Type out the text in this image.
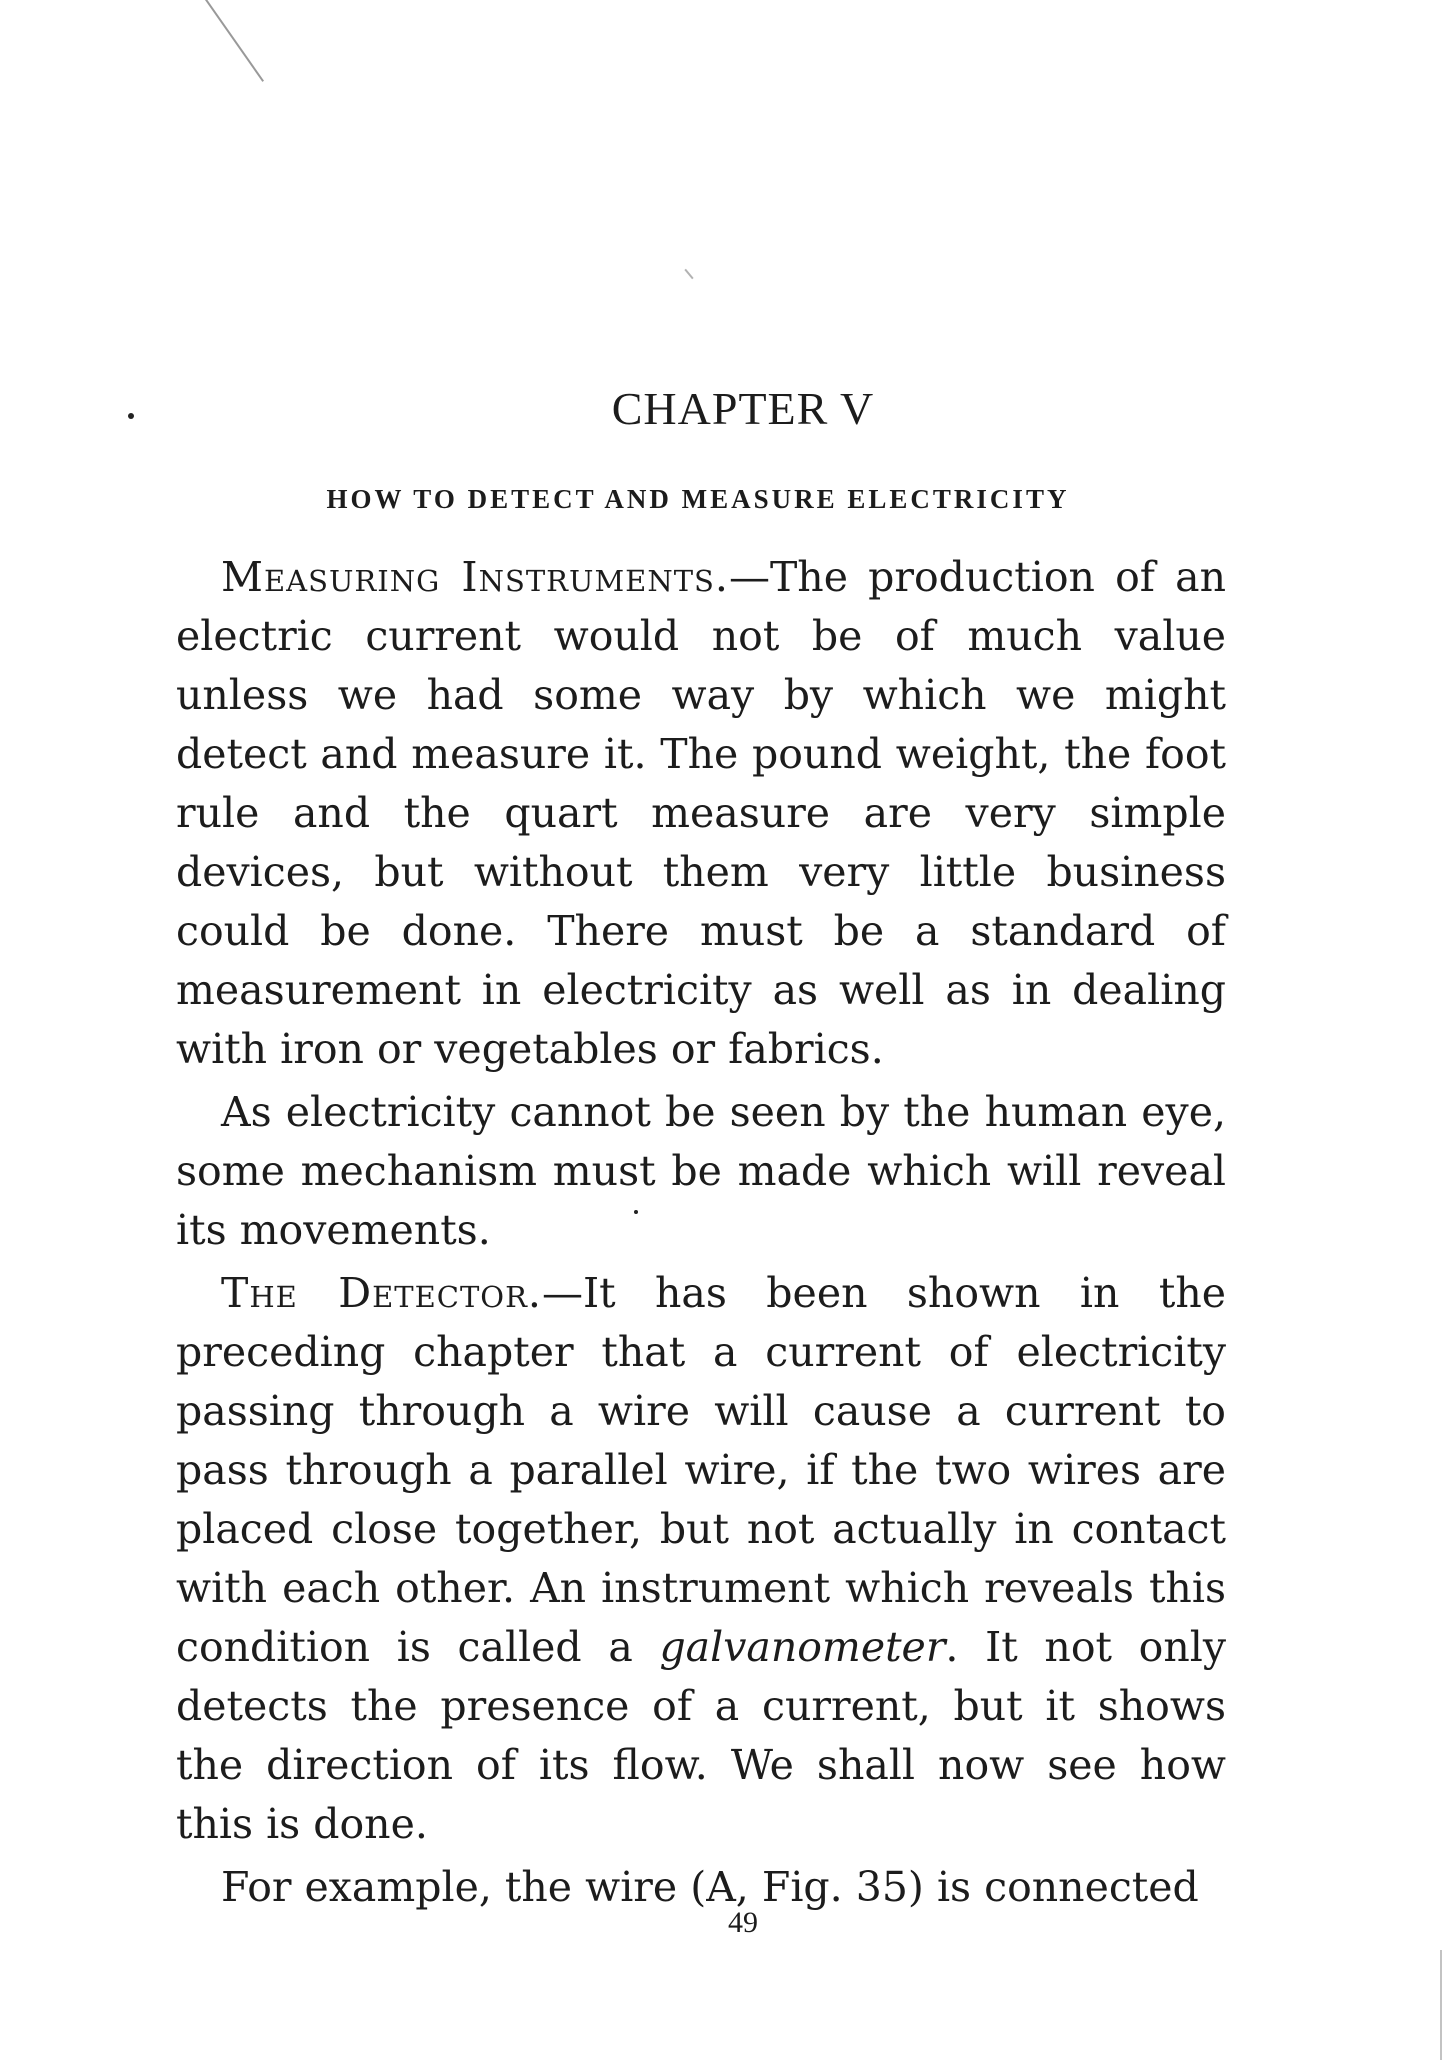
CHAPTER V
HOW TO DETECT AND MEASURE ELECTRICITY

Measuring Instruments.—The production of an electric current would not be of much value unless we had some way by which we might detect and measure it. The pound weight, the foot rule and the quart measure are very simple devices, but without them very little business could be done. There must be a standard of measurement in electricity as well as in dealing with iron or vegetables or fabrics.

As electricity cannot be seen by the human eye, some mechanism must be made which will reveal its movements.

The Detector.—It has been shown in the preceding chapter that a current of electricity passing through a wire will cause a current to pass through a parallel wire, if the two wires are placed close together, but not actually in contact with each other. An instrument which reveals this condition is called a galvanometer. It not only detects the presence of a current, but it shows the direction of its flow. We shall now see how this is done.

For example, the wire (A, Fig. 35) is connected

49
